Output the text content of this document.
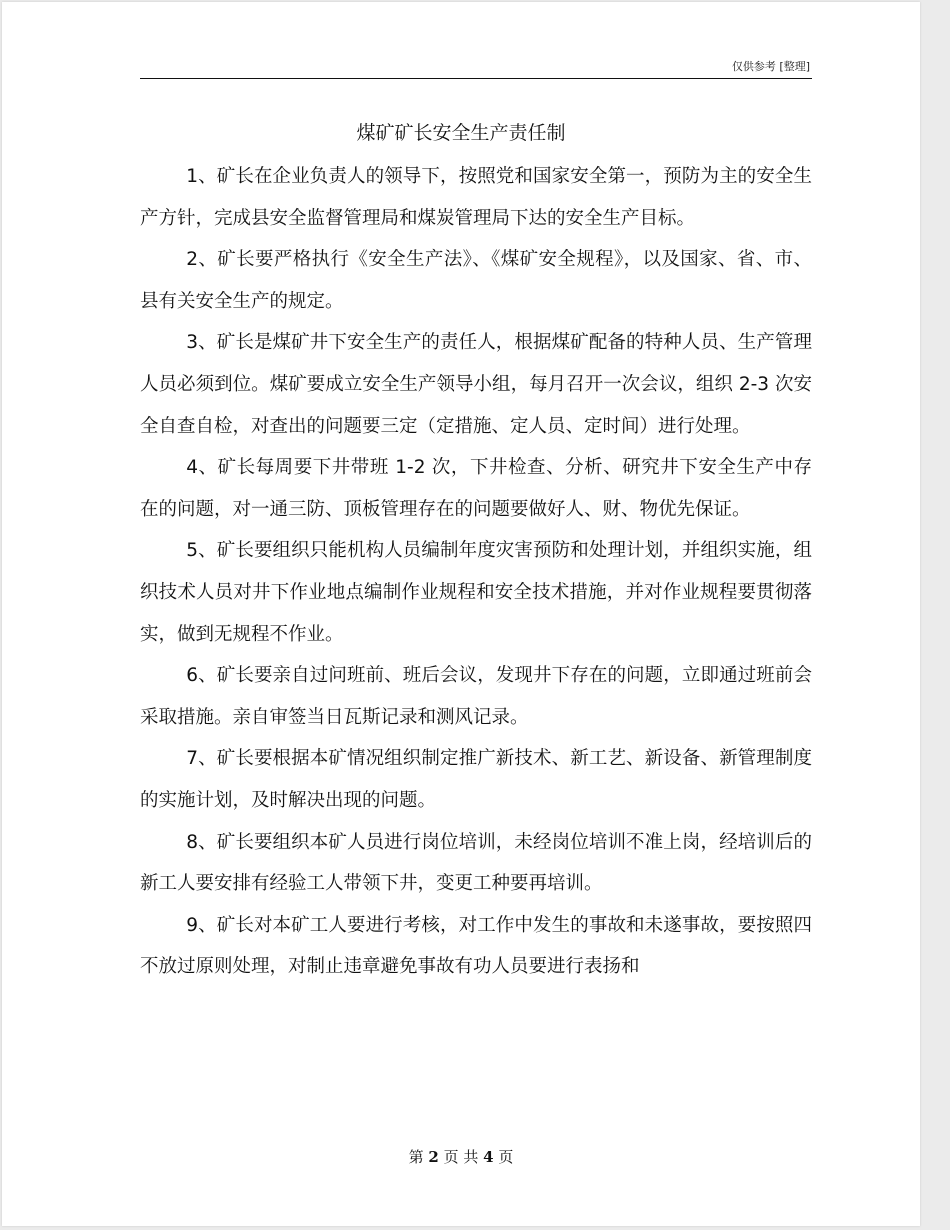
仅供参考 [整理]
煤矿矿长安全生产责任制

1、矿长在企业负责人的领导下，按照党和国家安全第一，预防为主的安全生产方针，完成县安全监督管理局和煤炭管理局下达的安全生产目标。

2、矿长要严格执行《安全生产法》、《煤矿安全规程》，以及国家、省、市、县有关安全生产的规定。

3、矿长是煤矿井下安全生产的责任人，根据煤矿配备的特种人员、生产管理人员必须到位。煤矿要成立安全生产领导小组，每月召开一次会议，组织 2-3 次安全自查自检，对查出的问题要三定（定措施、定人员、定时间）进行处理。

4、矿长每周要下井带班 1-2 次，下井检查、分析、研究井下安全生产中存在的问题，对一通三防、顶板管理存在的问题要做好人、财、物优先保证。

5、矿长要组织只能机构人员编制年度灾害预防和处理计划，并组织实施，组织技术人员对井下作业地点编制作业规程和安全技术措施，并对作业规程要贯彻落实，做到无规程不作业。

6、矿长要亲自过问班前、班后会议，发现井下存在的问题，立即通过班前会采取措施。亲自审签当日瓦斯记录和测风记录。

7、矿长要根据本矿情况组织制定推广新技术、新工艺、新设备、新管理制度的实施计划，及时解决出现的问题。

8、矿长要组织本矿人员进行岗位培训，未经岗位培训不准上岗，经培训后的新工人要安排有经验工人带领下井，变更工种要再培训。

9、矿长对本矿工人要进行考核，对工作中发生的事故和未遂事故，要按照四不放过原则处理，对制止违章避免事故有功人员要进行表扬和

第 2 页 共 4 页
